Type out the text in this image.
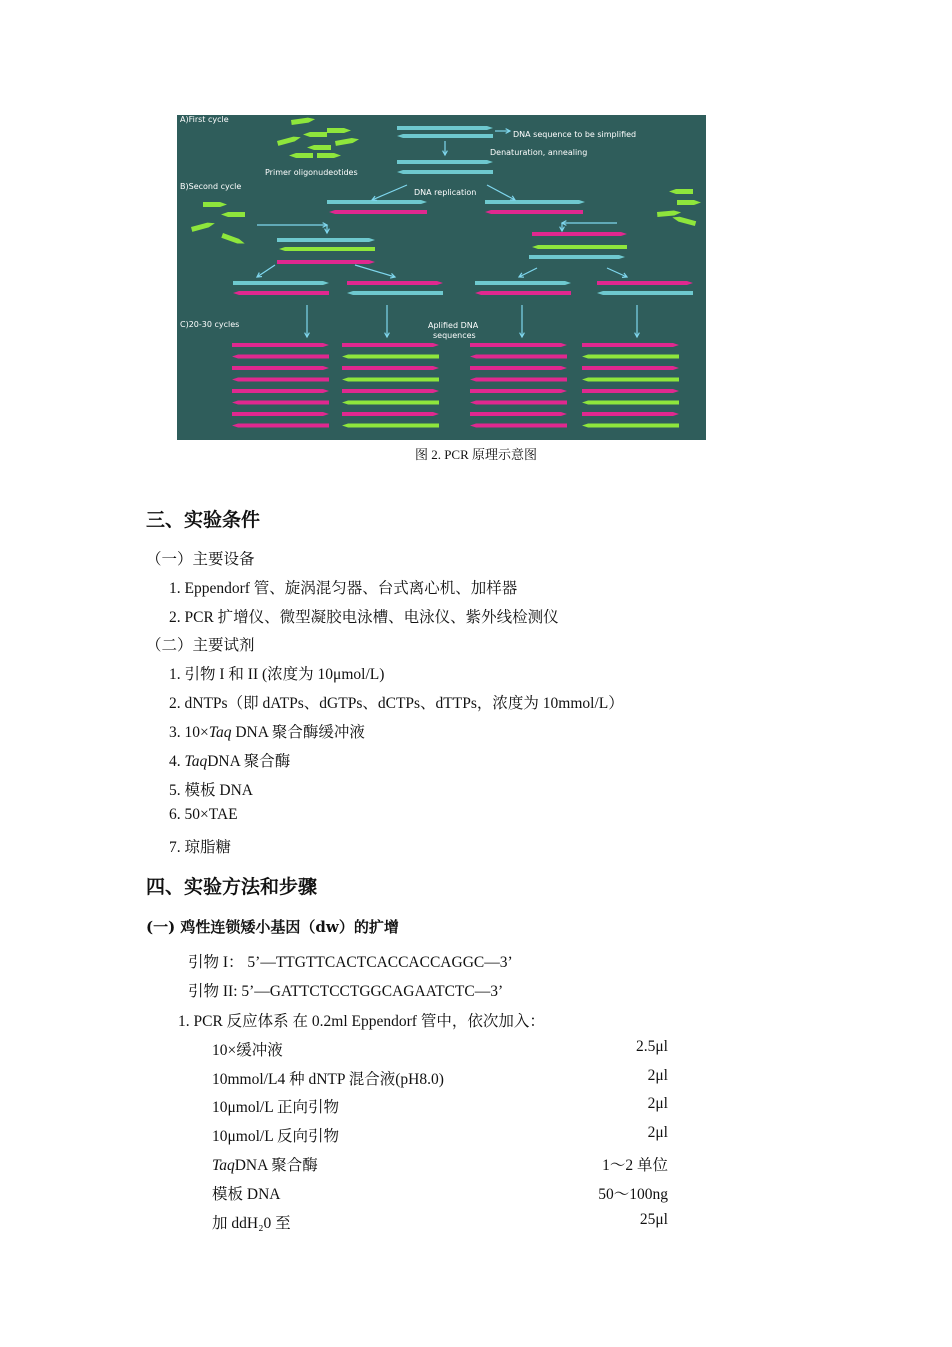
A)First cycle
B)Second cycle
C)20-30 cycles
DNA sequence to be simplified
Denaturation, annealing
Primer oligonudeotides
DNA replication
Aplified DNA
sequences
图 2. PCR 原理示意图
三、实验条件
（一）主要设备
1. Eppendorf 管、旋涡混匀器、台式离心机、加样器
2. PCR 扩增仪、微型凝胶电泳槽、电泳仪、紫外线检测仪
（二）主要试剂
1. 引物 I 和 II (浓度为 10μmol/L)
2. dNTPs（即 dATPs、dGTPs、dCTPs、dTTPs，浓度为 10mmol/L）
3. 10×Taq DNA 聚合酶缓冲液
4. TaqDNA 聚合酶
5. 模板 DNA
6. 50×TAE
7. 琼脂糖
四、实验方法和步骤
(一) 鸡性连锁矮小基因（dw）的扩增
引物 I： 5’—TTGTTCACTCACCACCAGGC—3’
引物 II: 5’—GATTCTCCTGGCAGAATCTC—3’
1. PCR 反应体系 在 0.2ml Eppendorf 管中，依次加入：
10×缓冲液	2.5μl
10mmol/L4 种 dNTP 混合液(pH8.0)	2μl
10μmol/L 正向引物	2μl
10μmol/L 反向引物	2μl
TaqDNA 聚合酶	1～2 单位
模板 DNA	50～100ng
加 ddH₂0 至	25μl
